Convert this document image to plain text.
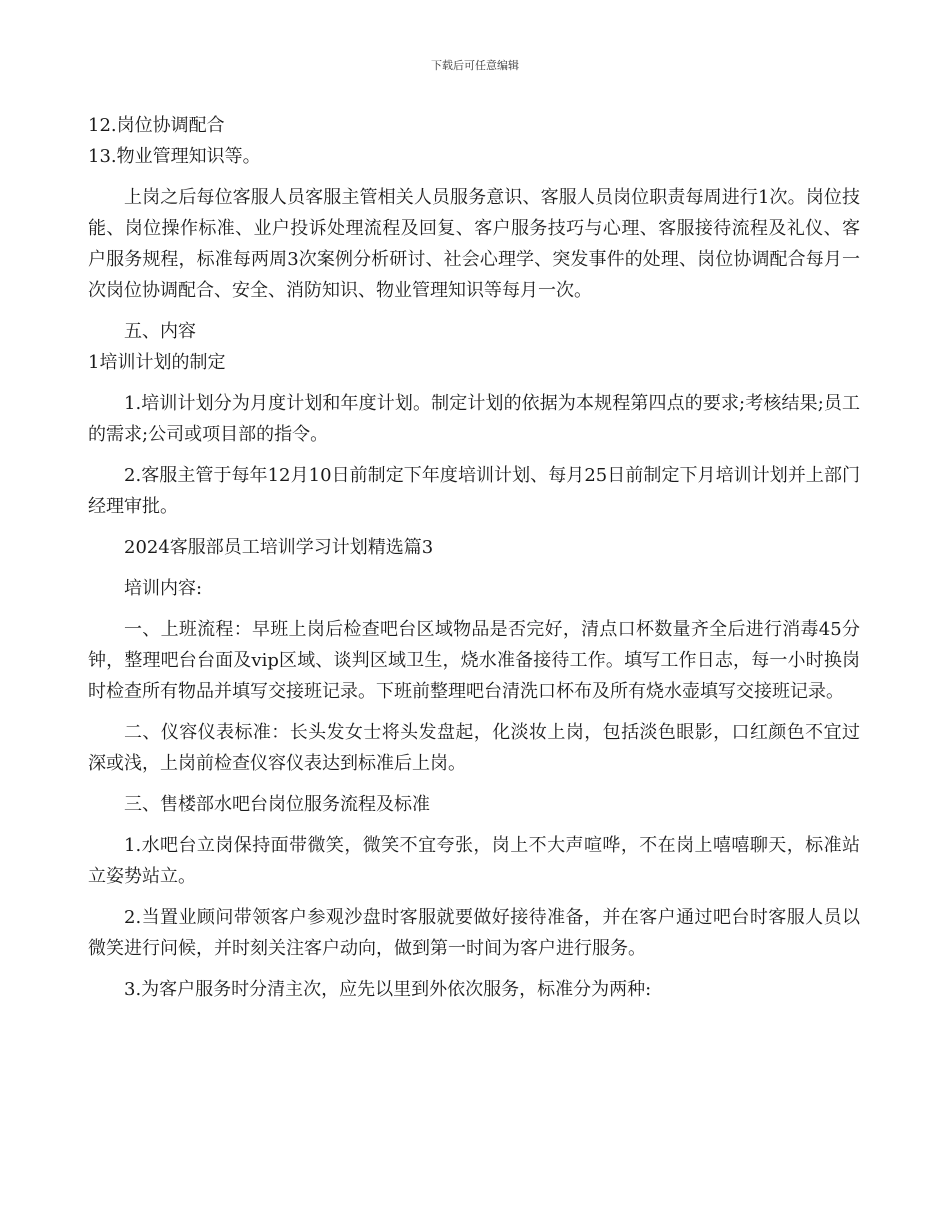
下载后可任意编辑

12.岗位协调配合

13.物业管理知识等。

上岗之后每位客服人员客服主管相关人员服务意识、客服人员岗位职责每周进行1次。岗位技能、岗位操作标准、业户投诉处理流程及回复、客户服务技巧与心理、客服接待流程及礼仪、客户服务规程，标准每两周3次案例分析研讨、社会心理学、突发事件的处理、岗位协调配合每月一次岗位协调配合、安全、消防知识、物业管理知识等每月一次。

五、内容

1培训计划的制定

1.培训计划分为月度计划和年度计划。制定计划的依据为本规程第四点的要求;考核结果;员工的需求;公司或项目部的指令。

2.客服主管于每年12月10日前制定下年度培训计划、每月25日前制定下月培训计划并上部门经理审批。

2024客服部员工培训学习计划精选篇3

培训内容:

一、上班流程：早班上岗后检查吧台区域物品是否完好，清点口杯数量齐全后进行消毒45分钟，整理吧台台面及vip区域、谈判区域卫生，烧水准备接待工作。填写工作日志，每一小时换岗时检查所有物品并填写交接班记录。下班前整理吧台清洗口杯布及所有烧水壶填写交接班记录。

二、仪容仪表标准：长头发女士将头发盘起，化淡妆上岗，包括淡色眼影，口红颜色不宜过深或浅，上岗前检查仪容仪表达到标准后上岗。

三、售楼部水吧台岗位服务流程及标准

1.水吧台立岗保持面带微笑，微笑不宜夸张，岗上不大声喧哗，不在岗上嘻嘻聊天，标准站立姿势站立。

2.当置业顾问带领客户参观沙盘时客服就要做好接待准备，并在客户通过吧台时客服人员以微笑进行问候，并时刻关注客户动向，做到第一时间为客户进行服务。

3.为客户服务时分清主次，应先以里到外依次服务，标准分为两种:
